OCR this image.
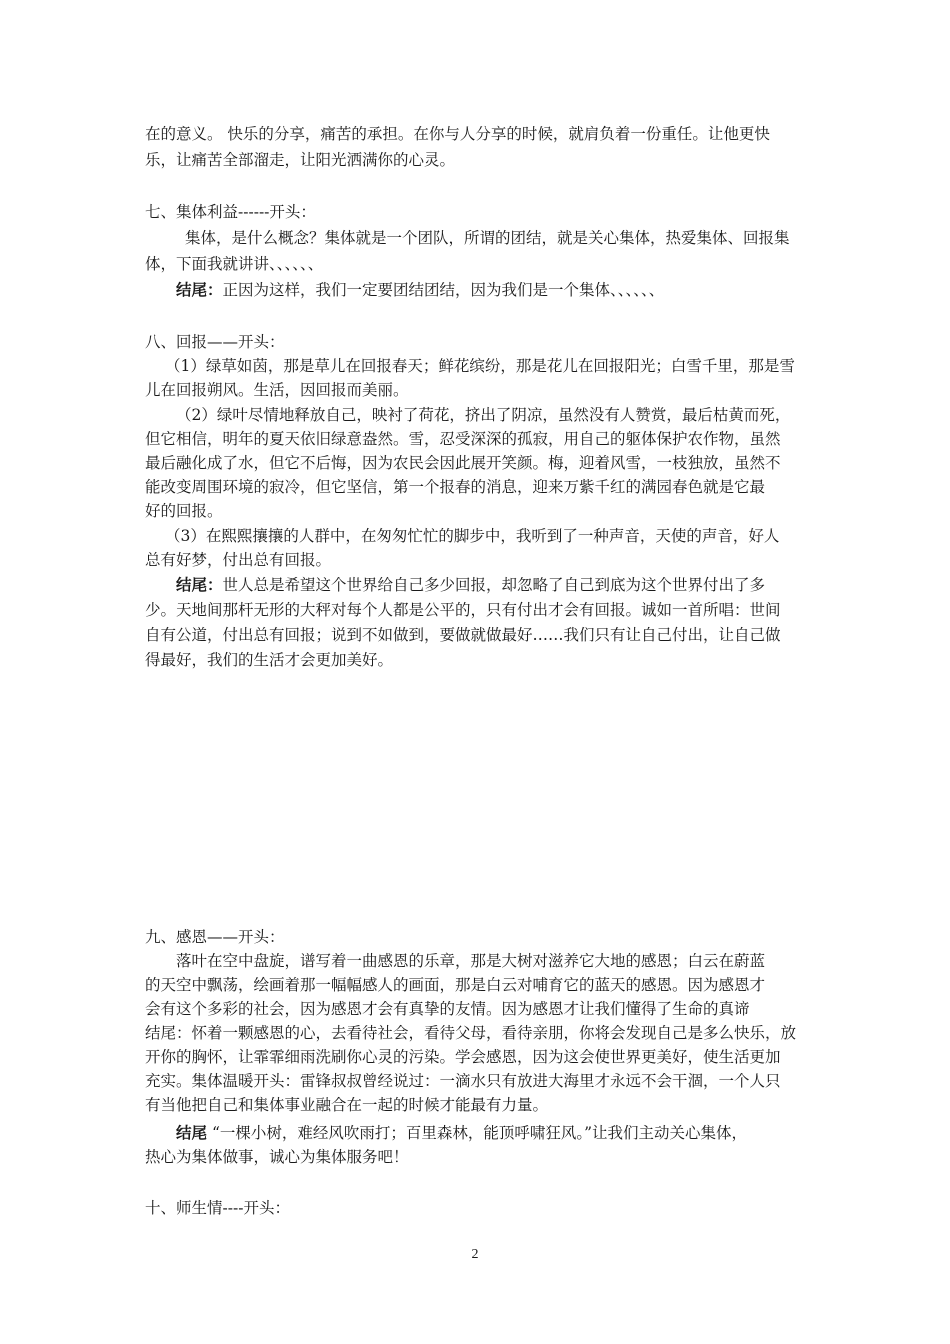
在的意义。 快乐的分享，痛苦的承担。在你与人分享的时候，就肩负着一份重任。让他更快
乐，让痛苦全部溜走，让阳光洒满你的心灵。
七、集体利益------开头：
集体，是什么概念？集体就是一个团队，所谓的团结，就是关心集体，热爱集体、回报集
体，下面我就讲讲、、、、、、
结尾：正因为这样，我们一定要团结团结，因为我们是一个集体、、、、、、
八、回报——开头：
（1）绿草如茵，那是草儿在回报春天；鲜花缤纷，那是花儿在回报阳光；白雪千里，那是雪
儿在回报朔风。生活，因回报而美丽。
（2）绿叶尽情地释放自己，映衬了荷花，挤出了阴凉，虽然没有人赞赏，最后枯黄而死，
但它相信，明年的夏天依旧绿意盎然。雪，忍受深深的孤寂，用自己的躯体保护农作物，虽然
最后融化成了水，但它不后悔，因为农民会因此展开笑颜。梅，迎着风雪，一枝独放，虽然不
能改变周围环境的寂冷，但它坚信，第一个报春的消息，迎来万紫千红的满园春色就是它最
好的回报。
（3）在熙熙攘攘的人群中，在匆匆忙忙的脚步中，我听到了一种声音，天使的声音，好人
总有好梦，付出总有回报。
结尾：世人总是希望这个世界给自己多少回报，却忽略了自己到底为这个世界付出了多
少。天地间那杆无形的大秤对每个人都是公平的，只有付出才会有回报。诚如一首所唱：世间
自有公道，付出总有回报；说到不如做到，要做就做最好……我们只有让自己付出，让自己做
得最好，我们的生活才会更加美好。
九、感恩——开头：
落叶在空中盘旋，谱写着一曲感恩的乐章，那是大树对滋养它大地的感恩；白云在蔚蓝
的天空中飘荡，绘画着那一幅幅感人的画面，那是白云对哺育它的蓝天的感恩。因为感恩才
会有这个多彩的社会，因为感恩才会有真挚的友情。因为感恩才让我们懂得了生命的真谛
结尾：怀着一颗感恩的心，去看待社会，看待父母，看待亲朋，你将会发现自己是多么快乐，放
开你的胸怀，让霏霏细雨洗刷你心灵的污染。学会感恩，因为这会使世界更美好，使生活更加
充实。集体温暖开头：雷锋叔叔曾经说过：一滴水只有放进大海里才永远不会干涸，一个人只
有当他把自己和集体事业融合在一起的时候才能最有力量。
结尾 “一棵小树，难经风吹雨打；百里森林，能顶呼啸狂风。”让我们主动关心集体，
热心为集体做事，诚心为集体服务吧！
十、师生情----开头：
2
